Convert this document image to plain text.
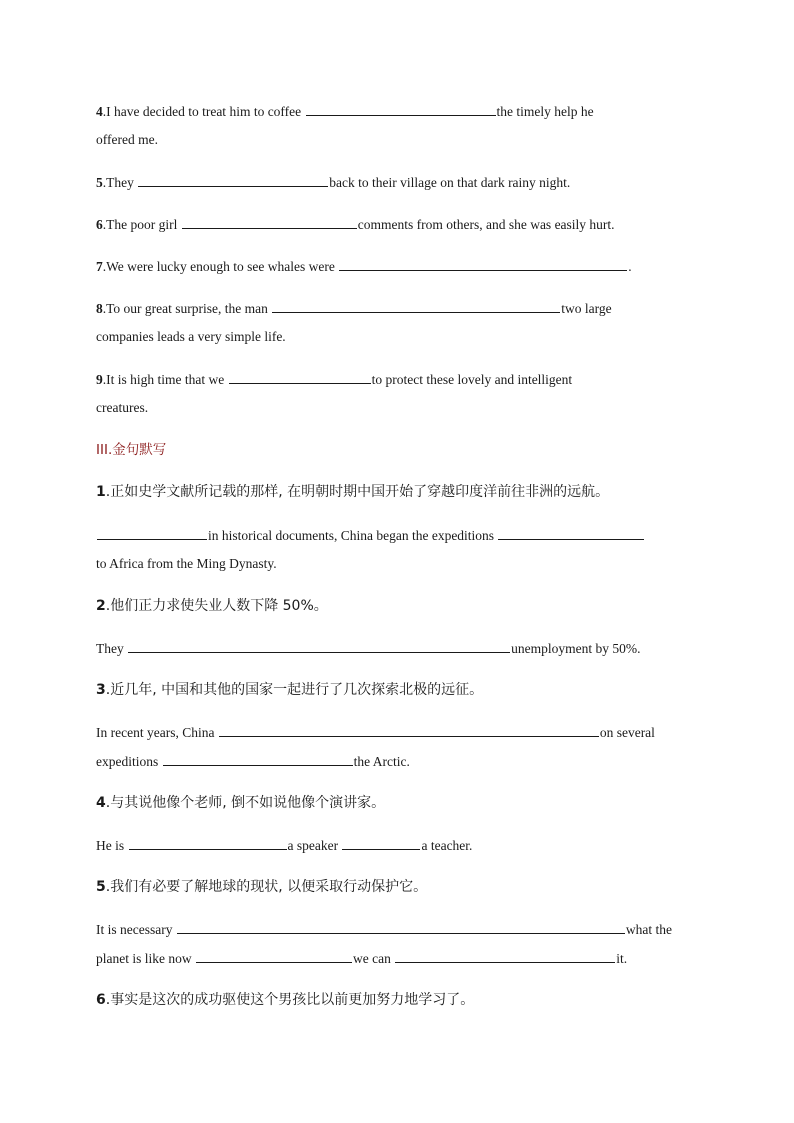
4.I have decided to treat him to coffee	the timely help he
offered me.
5.They	back to their village on that dark rainy night.
6.The poor girl	comments from others, and she was easily hurt.
7.We were lucky enough to see whales were	.
8.To our great surprise, the man	two large
companies leads a very simple life.
9.It is high time that we	to protect these lovely and intelligent
creatures.
III.金句默写
1.正如史学文献所记载的那样, 在明朝时期中国开始了穿越印度洋前往非洲的远航。
in historical documents, China began the expeditions
to Africa from the Ming Dynasty.
2.他们正力求使失业人数下降 50%。
They	unemployment by 50%.
3.近几年, 中国和其他的国家一起进行了几次探索北极的远征。
In recent years, China	on several
expeditions	the Arctic.
4.与其说他像个老师, 倒不如说他像个演讲家。
He is	a speaker	a teacher.
5.我们有必要了解地球的现状, 以便采取行动保护它。
It is necessary	what the
planet is like now	we can	it.
6.事实是这次的成功驱使这个男孩比以前更加努力地学习了。
